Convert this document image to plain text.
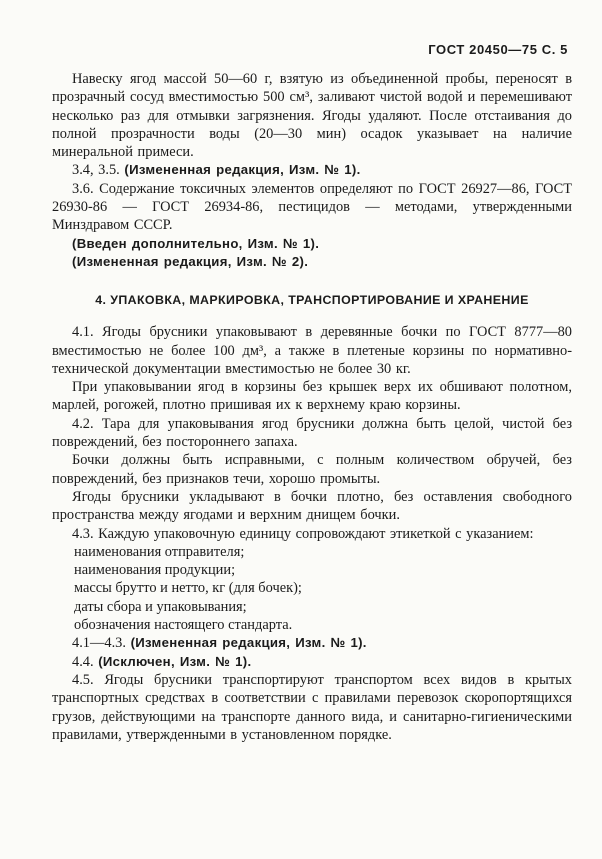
ГОСТ 20450—75 С. 5

Навеску ягод массой 50—60 г, взятую из объединенной пробы, переносят в прозрачный сосуд вместимостью 500 см³, заливают чистой водой и перемешивают несколько раз для отмывки загрязнения. Ягоды удаляют. После отстаивания до полной прозрачности воды (20—30 мин) осадок указывает на наличие минеральной примеси.

3.4, 3.5. (Измененная редакция, Изм. № 1).

3.6. Содержание токсичных элементов определяют по ГОСТ 26927—86, ГОСТ 26930-86 — ГОСТ 26934-86, пестицидов — методами, утвержденными Минздравом СССР.

(Введен дополнительно, Изм. № 1).

(Измененная редакция, Изм. № 2).

4. УПАКОВКА, МАРКИРОВКА, ТРАНСПОРТИРОВАНИЕ И ХРАНЕНИЕ

4.1. Ягоды брусники упаковывают в деревянные бочки по ГОСТ 8777—80 вместимостью не более 100 дм³, а также в плетеные корзины по нормативно-технической документации вместимостью не более 30 кг.

При упаковывании ягод в корзины без крышек верх их обшивают полотном, марлей, рогожей, плотно пришивая их к верхнему краю корзины.

4.2. Тара для упаковывания ягод брусники должна быть целой, чистой без повреждений, без постороннего запаха.

Бочки должны быть исправными, с полным количеством обручей, без повреждений, без признаков течи, хорошо промыты.

Ягоды брусники укладывают в бочки плотно, без оставления свободного пространства между ягодами и верхним днищем бочки.

4.3. Каждую упаковочную единицу сопровождают этикеткой с указанием:

наименования отправителя;

наименования продукции;

массы брутто и нетто, кг (для бочек);

даты сбора и упаковывания;

обозначения настоящего стандарта.

4.1—4.3. (Измененная редакция, Изм. № 1).

4.4. (Исключен, Изм. № 1).

4.5. Ягоды брусники транспортируют транспортом всех видов в крытых транспортных средствах в соответствии с правилами перевозок скоропортящихся грузов, действующими на транспорте данного вида, и санитарно-гигиеническими правилами, утвержденными в установленном порядке.
